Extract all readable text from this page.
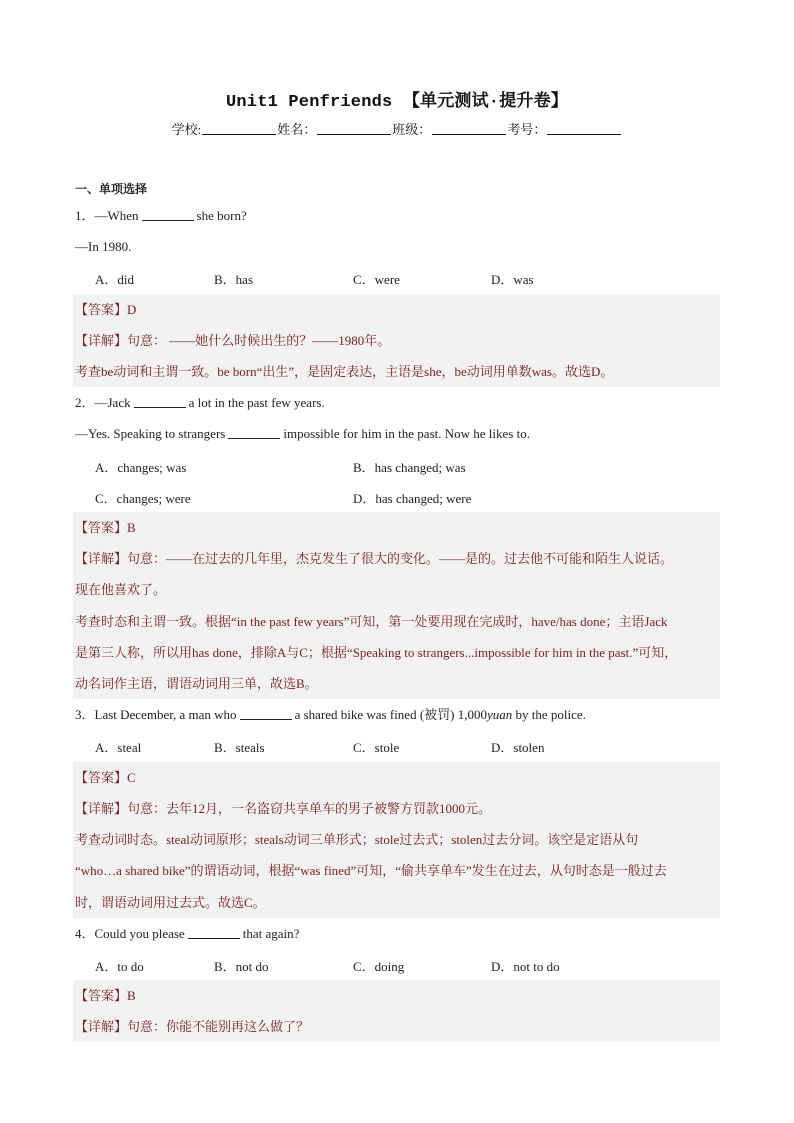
Unit1 Penfriends 【单元测试·提升卷】
学校:	姓名：	班级：	考号：
一、单项选择
1．—When	she born?
—In 1980.
A．did	B．has	C．were	D．was
【答案】D
【详解】句意： ——她什么时候出生的？——1980年。
考查be动词和主谓一致。be born“出生”，是固定表达，主语是she，be动词用单数was。故选D。
2．—Jack	a lot in the past few years.
—Yes. Speaking to strangers	impossible for him in the past. Now he likes to.
A．changes; was	B．has changed; was
C．changes; were	D．has changed; were
【答案】B
【详解】句意：——在过去的几年里，杰克发生了很大的变化。——是的。过去他不可能和陌生人说话。
现在他喜欢了。
考查时态和主谓一致。根据“in the past few years”可知，第一处要用现在完成时，have/has done；主语Jack
是第三人称，所以用has done，排除A与C；根据“Speaking to strangers...impossible for him in the past.”可知，
动名词作主语，谓语动词用三单，故选B。
3．Last December, a man who	a shared bike was fined (被罚) 1,000yuan by the police.
A．steal	B．steals	C．stole	D．stolen
【答案】C
【详解】句意：去年12月，一名盗窃共享单车的男子被警方罚款1000元。
考查动词时态。steal动词原形；steals动词三单形式；stole过去式；stolen过去分词。该空是定语从句
“who…a shared bike”的谓语动词，根据“was fined”可知，“偷共享单车”发生在过去，从句时态是一般过去
时，谓语动词用过去式。故选C。
4．Could you please	that again?
A．to do	B．not do	C．doing	D．not to do
【答案】B
【详解】句意：你能不能别再这么做了？
